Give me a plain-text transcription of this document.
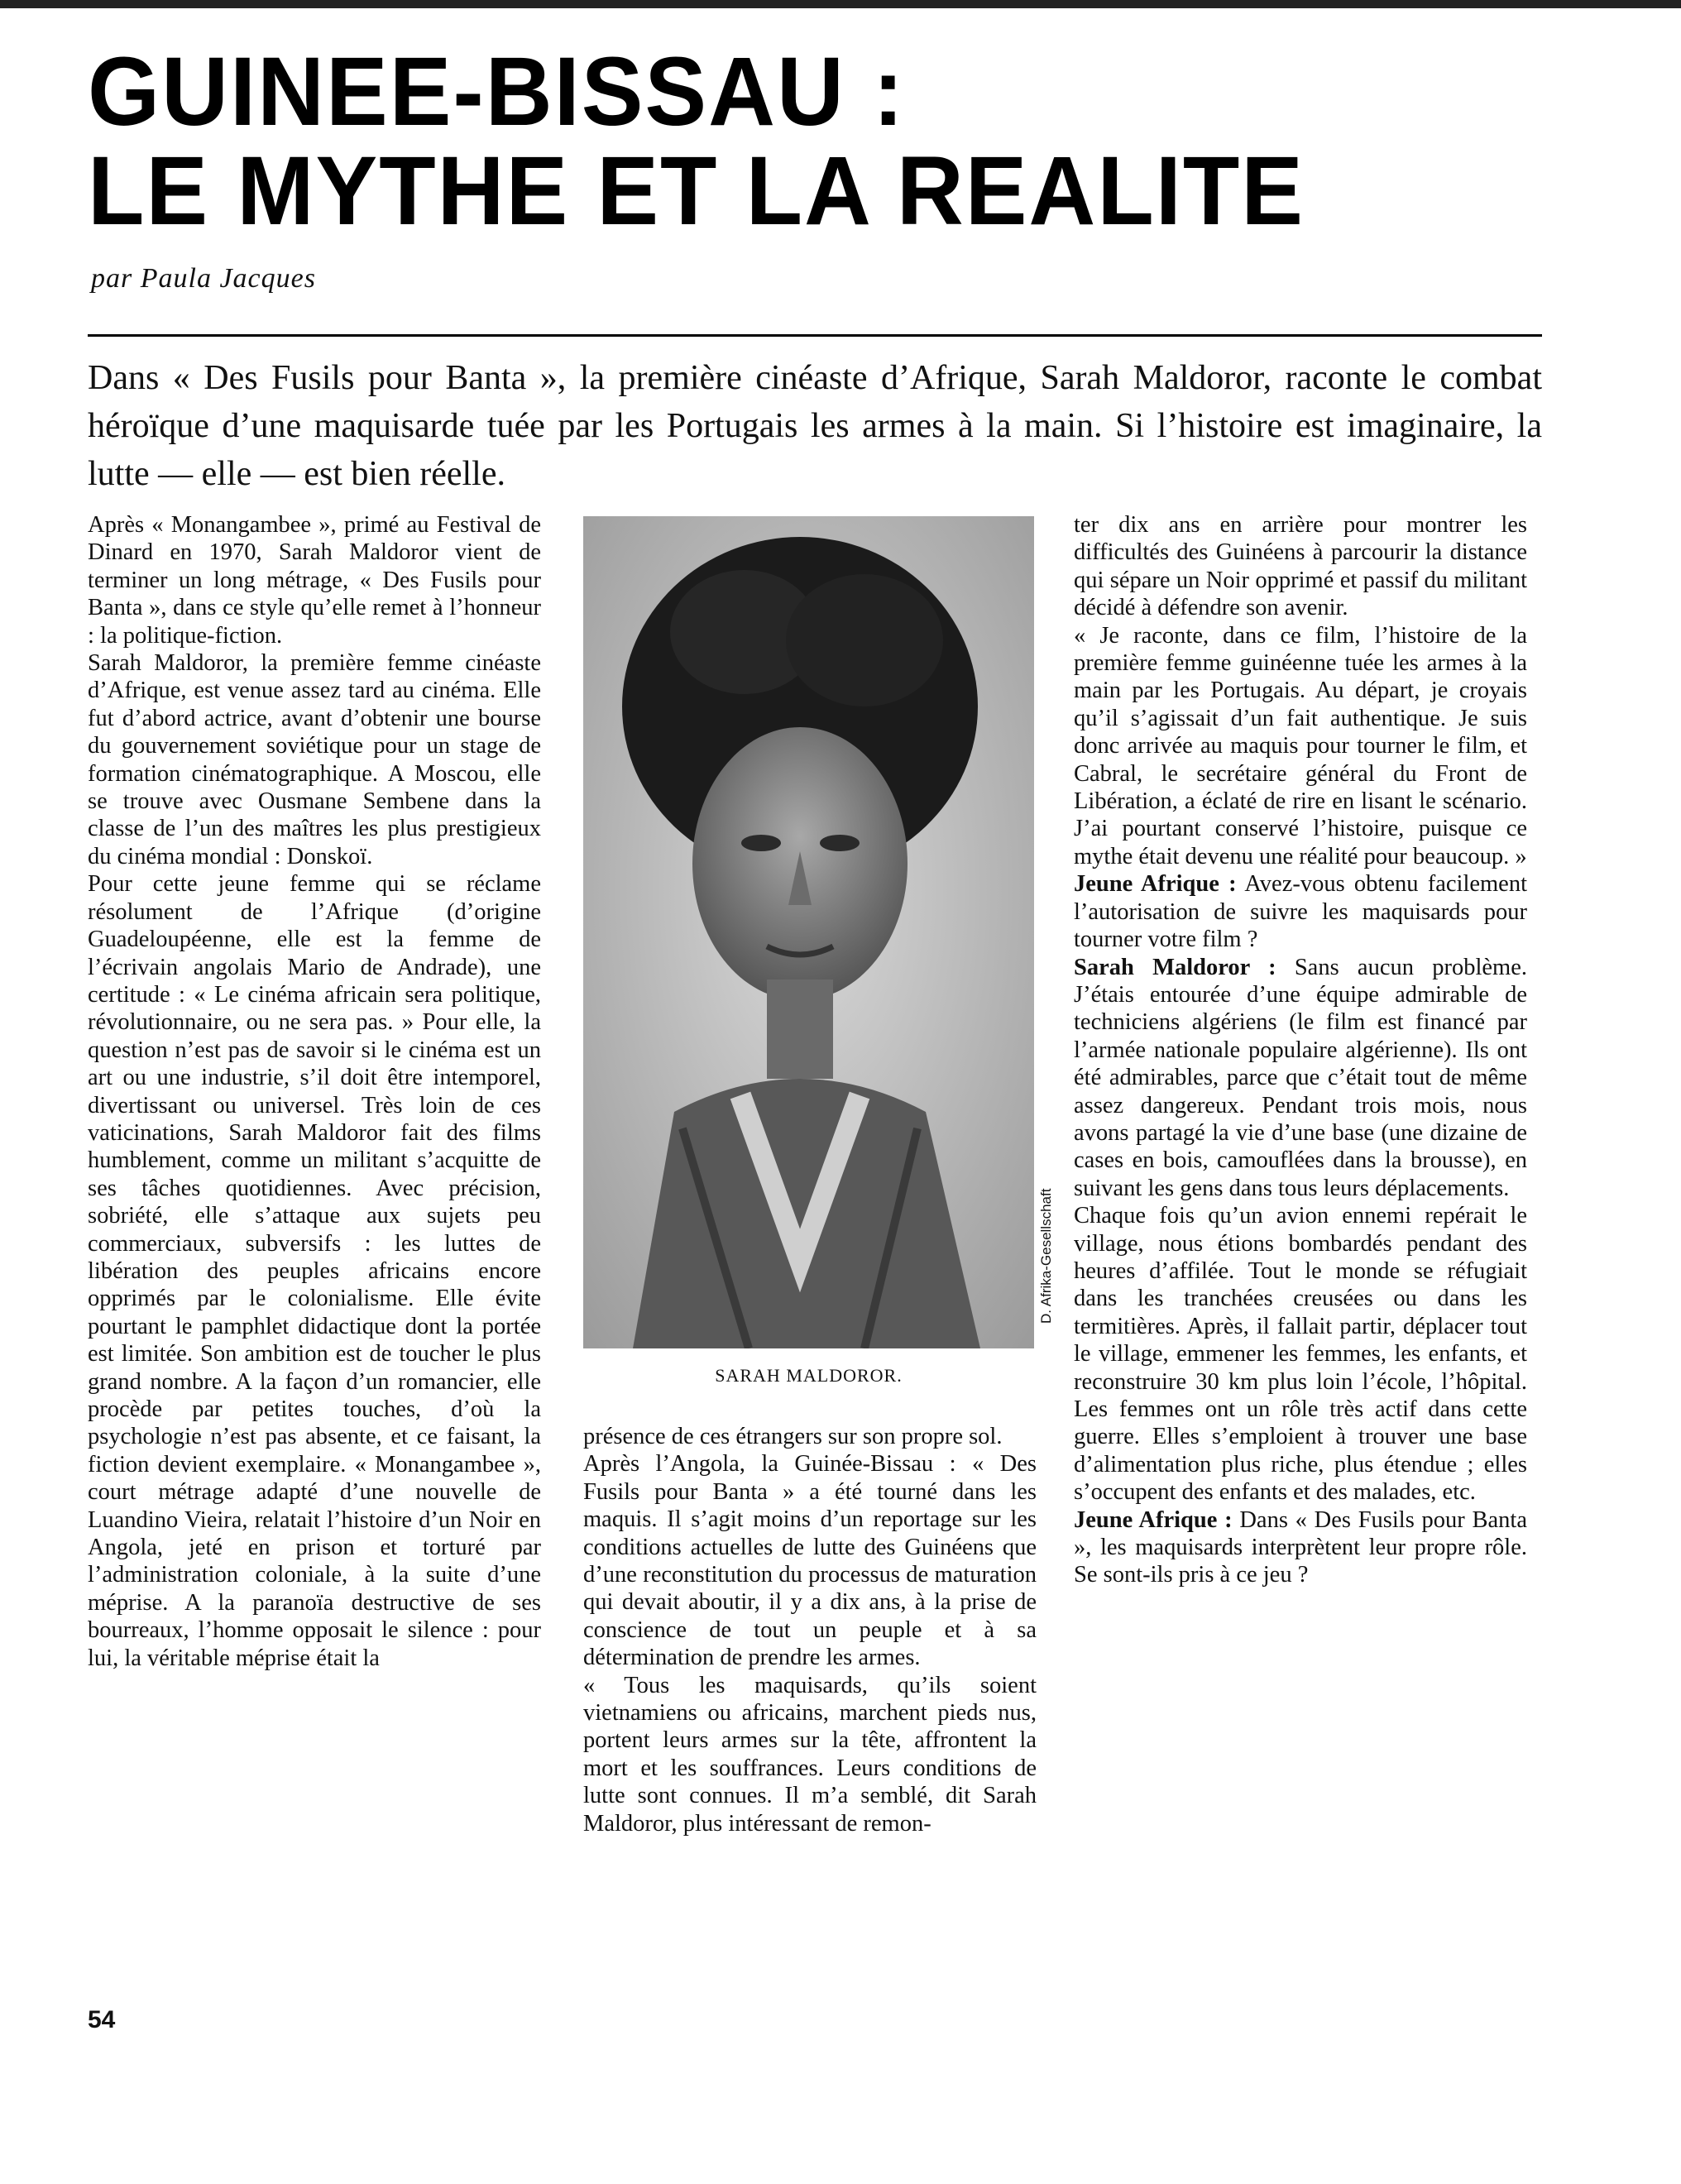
GUINEE-BISSAU :
LE MYTHE ET LA REALITE
par Paula Jacques
Dans « Des Fusils pour Banta », la première cinéaste d’Afrique, Sarah Maldoror, raconte le combat héroïque d’une maquisarde tuée par les Portugais les armes à la main. Si l’histoire est imaginaire, la lutte — elle — est bien réelle.

Après « Monangambee », primé au Festival de Dinard en 1970, Sarah Maldoror vient de terminer un long métrage, « Des Fusils pour Banta », dans ce style qu’elle remet à l’honneur : la politique-fiction.

Sarah Maldoror, la première femme cinéaste d’Afrique, est venue assez tard au cinéma. Elle fut d’abord actrice, avant d’obtenir une bourse du gouvernement soviétique pour un stage de formation cinématographique. A Moscou, elle se trouve avec Ousmane Sembene dans la classe de l’un des maîtres les plus prestigieux du cinéma mondial : Donskoï.

Pour cette jeune femme qui se réclame résolument de l’Afrique (d’origine Guadeloupéenne, elle est la femme de l’écrivain angolais Mario de Andrade), une certitude : « Le cinéma africain sera politique, révolutionnaire, ou ne sera pas. » Pour elle, la question n’est pas de savoir si le cinéma est un art ou une industrie, s’il doit être intemporel, divertissant ou universel. Très loin de ces vaticinations, Sarah Maldoror fait des films humblement, comme un militant s’acquitte de ses tâches quotidiennes. Avec précision, sobriété, elle s’attaque aux sujets peu commerciaux, subversifs : les luttes de libération des peuples africains encore opprimés par le colonialisme. Elle évite pourtant le pamphlet didactique dont la portée est limitée. Son ambition est de toucher le plus grand nombre. A la façon d’un romancier, elle procède par petites touches, d’où la psychologie n’est pas absente, et ce faisant, la fiction devient exemplaire. « Monangambee », court métrage adapté d’une nouvelle de Luandino Vieira, relatait l’histoire d’un Noir en Angola, jeté en prison et torturé par l’administration coloniale, à la suite d’une méprise. A la paranoïa destructive de ses bourreaux, l’homme opposait le silence : pour lui, la véritable méprise était la

D. Afrika-Gesellschaft
SARAH MALDOROR.

présence de ces étrangers sur son propre sol.

Après l’Angola, la Guinée-Bissau : « Des Fusils pour Banta » a été tourné dans les maquis. Il s’agit moins d’un reportage sur les conditions actuelles de lutte des Guinéens que d’une reconstitution du processus de maturation qui devait aboutir, il y a dix ans, à la prise de conscience de tout un peuple et à sa détermination de prendre les armes.

« Tous les maquisards, qu’ils soient vietnamiens ou africains, marchent pieds nus, portent leurs armes sur la tête, affrontent la mort et les souffrances. Leurs conditions de lutte sont connues. Il m’a semblé, dit Sarah Maldoror, plus intéressant de remon-

ter dix ans en arrière pour montrer les difficultés des Guinéens à parcourir la distance qui sépare un Noir opprimé et passif du militant décidé à défendre son avenir.

« Je raconte, dans ce film, l’histoire de la première femme guinéenne tuée les armes à la main par les Portugais. Au départ, je croyais qu’il s’agissait d’un fait authentique. Je suis donc arrivée au maquis pour tourner le film, et Cabral, le secrétaire général du Front de Libération, a éclaté de rire en lisant le scénario. J’ai pourtant conservé l’histoire, puisque ce mythe était devenu une réalité pour beaucoup. »

Jeune Afrique : Avez-vous obtenu facilement l’autorisation de suivre les maquisards pour tourner votre film ?

Sarah Maldoror : Sans aucun problème. J’étais entourée d’une équipe admirable de techniciens algériens (le film est financé par l’armée nationale populaire algérienne). Ils ont été admirables, parce que c’était tout de même assez dangereux. Pendant trois mois, nous avons partagé la vie d’une base (une dizaine de cases en bois, camouflées dans la brousse), en suivant les gens dans tous leurs déplacements.

Chaque fois qu’un avion ennemi repérait le village, nous étions bombardés pendant des heures d’affilée. Tout le monde se réfugiait dans les tranchées creusées ou dans les termitières. Après, il fallait partir, déplacer tout le village, emmener les femmes, les enfants, et reconstruire 30 km plus loin l’école, l’hôpital. Les femmes ont un rôle très actif dans cette guerre. Elles s’emploient à trouver une base d’alimentation plus riche, plus étendue ; elles s’occupent des enfants et des malades, etc.

Jeune Afrique : Dans « Des Fusils pour Banta », les maquisards interprètent leur propre rôle. Se sont-ils pris à ce jeu ?

54
